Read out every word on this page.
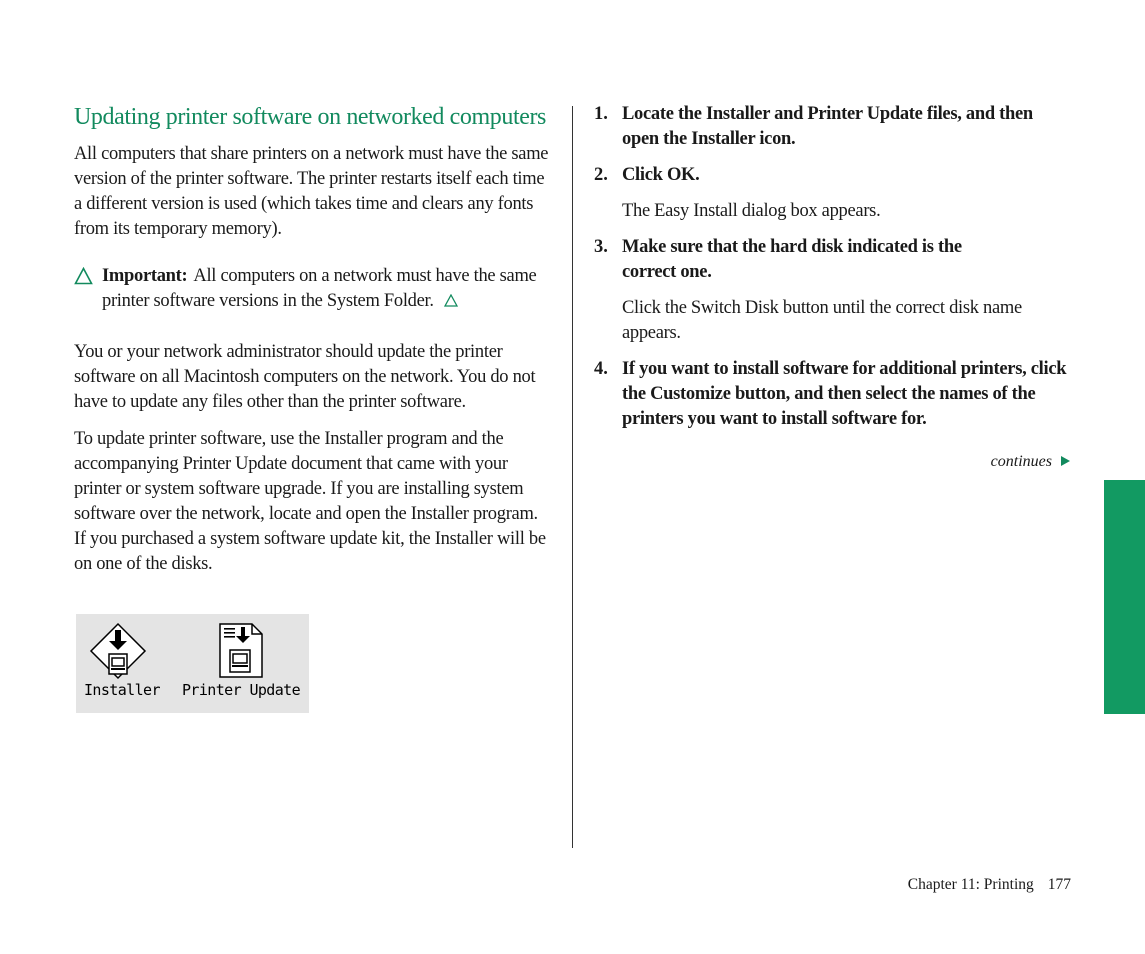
Updating printer software on networked computers

All computers that share printers on a network must have the same version of the printer software. The printer restarts itself each time a different version is used (which takes time and clears any fonts from its temporary memory).

Important: All computers on a network must have the same printer software versions in the System Folder.

You or your network administrator should update the printer software on all Macintosh computers on the network. You do not have to update any files other than the printer software.

To update printer software, use the Installer program and the accompanying Printer Update document that came with your printer or system software upgrade. If you are installing system software over the network, locate and open the Installer program. If you purchased a system software update kit, the Installer will be on one of the disks.

Installer Printer Update
1. Locate the Installer and Printer Update files, and then open the Installer icon.
2. Click OK.

The Easy Install dialog box appears.

3. Make sure that the hard disk indicated is the correct one.

Click the Switch Disk button until the correct disk name appears.

4. If you want to install software for additional printers, click the Customize button, and then select the names of the printers you want to install software for.
continues
Chapter 11: Printing 177
